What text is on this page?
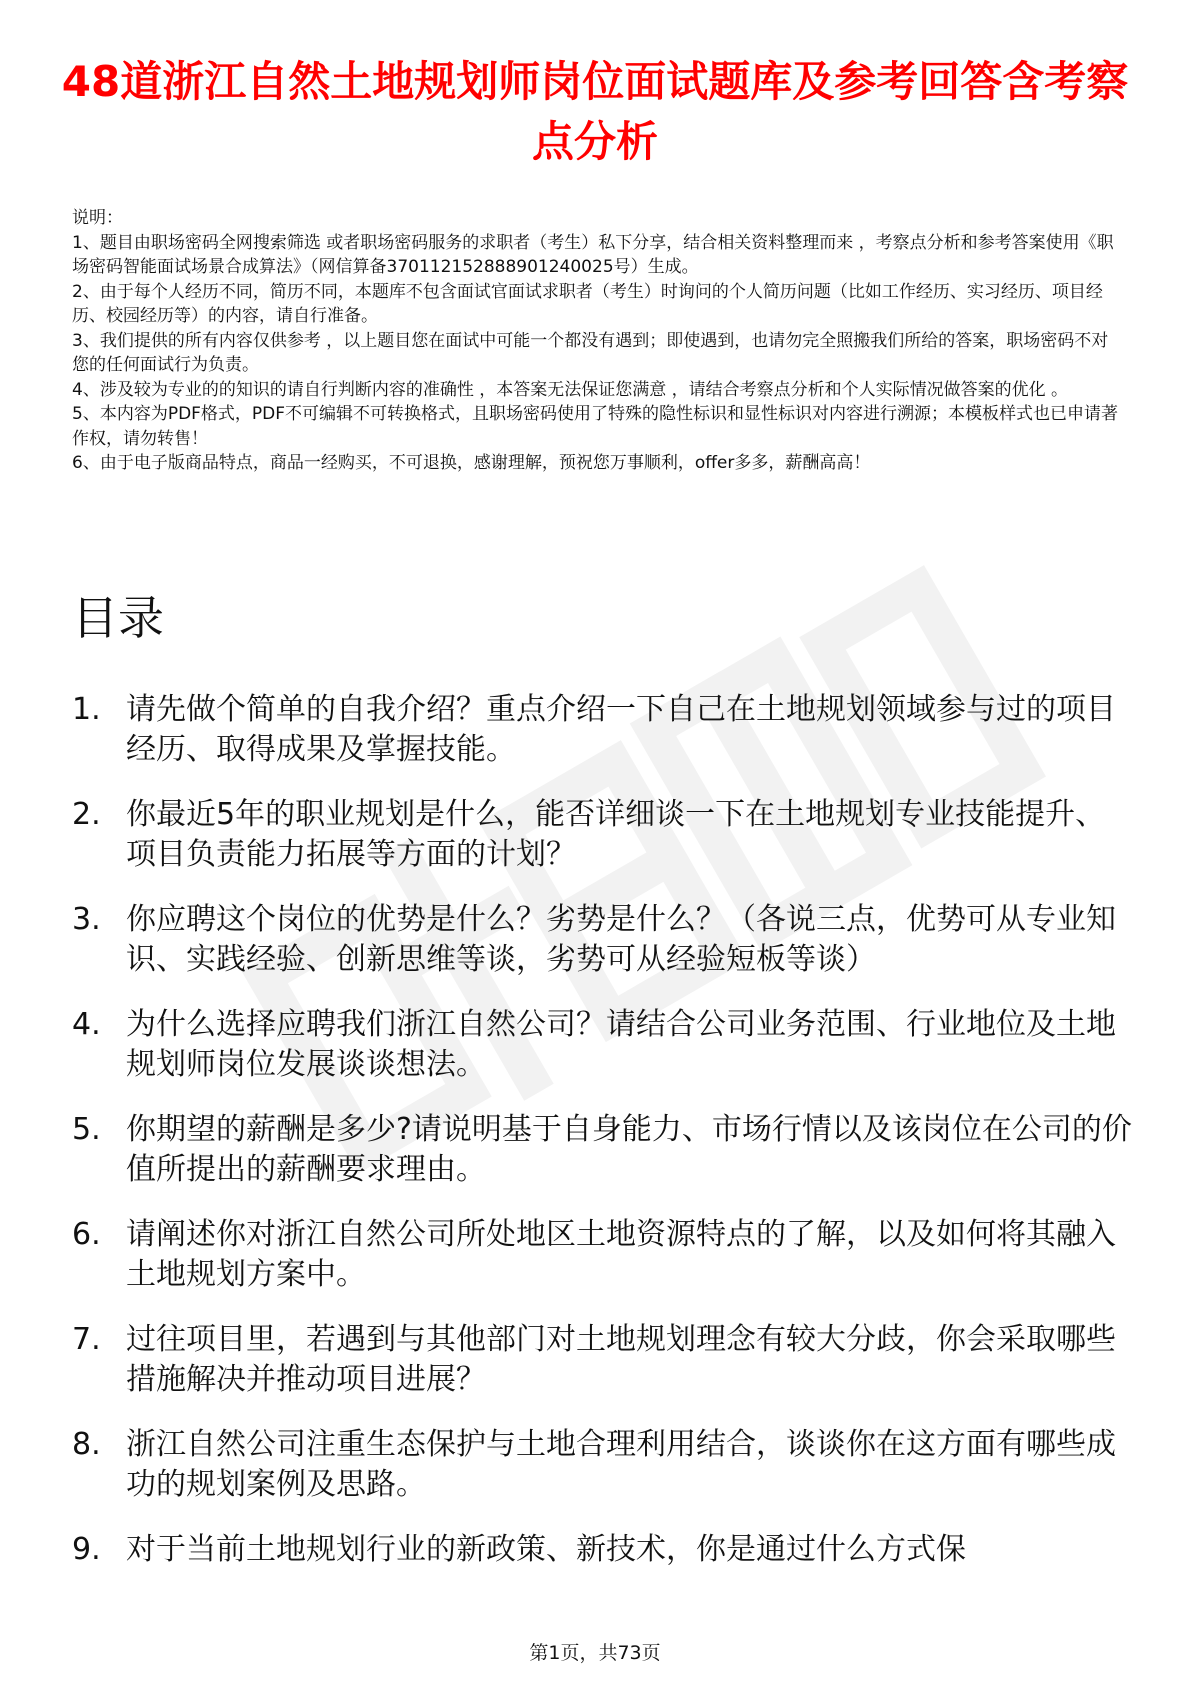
48道浙江自然土地规划师岗位面试题库及参考回答含考察点分析

说明：

1、题目由职场密码全网搜索筛选 或者职场密码服务的求职者（考生）私下分享，结合相关资料整理而来 ，考察点分析和参考答案使用《职场密码智能面试场景合成算法》（网信算备370112152888901240025号）生成。

2、由于每个人经历不同，简历不同，本题库不包含面试官面试求职者（考生）时询问的个人简历问题（比如工作经历、实习经历、项目经历、校园经历等）的内容，请自行准备。

3、我们提供的所有内容仅供参考 ，以上题目您在面试中可能一个都没有遇到；即使遇到，也请勿完全照搬我们所给的答案，职场密码不对您的任何面试行为负责。

4、涉及较为专业的的知识的请自行判断内容的准确性 ，本答案无法保证您满意 ，请结合考察点分析和个人实际情况做答案的优化 。

5、本内容为PDF格式，PDF不可编辑不可转换格式，且职场密码使用了特殊的隐性标识和显性标识对内容进行溯源；本模板样式也已申请著作权，请勿转售！

6、由于电子版商品特点，商品一经购买，不可退换，感谢理解，预祝您万事顺利，offer多多，薪酬高高！

目录
1. 请先做个简单的自我介绍？重点介绍一下自己在土地规划领域参与过的项目经历、取得成果及掌握技能。
2. 你最近5年的职业规划是什么，能否详细谈一下在土地规划专业技能提升、项目负责能力拓展等方面的计划？
3. 你应聘这个岗位的优势是什么？劣势是什么？（各说三点，优势可从专业知识、实践经验、创新思维等谈，劣势可从经验短板等谈）
4. 为什么选择应聘我们浙江自然公司？请结合公司业务范围、行业地位及土地规划师岗位发展谈谈想法。
5. 你期望的薪酬是多少?请说明基于自身能力、市场行情以及该岗位在公司的价值所提出的薪酬要求理由。
6. 请阐述你对浙江自然公司所处地区土地资源特点的了解，以及如何将其融入土地规划方案中。
7. 过往项目里，若遇到与其他部门对土地规划理念有较大分歧，你会采取哪些措施解决并推动项目进展？
8. 浙江自然公司注重生态保护与土地合理利用结合，谈谈你在这方面有哪些成功的规划案例及思路。
9. 对于当前土地规划行业的新政策、新技术，你是通过什么方式保
第1页，共73页
